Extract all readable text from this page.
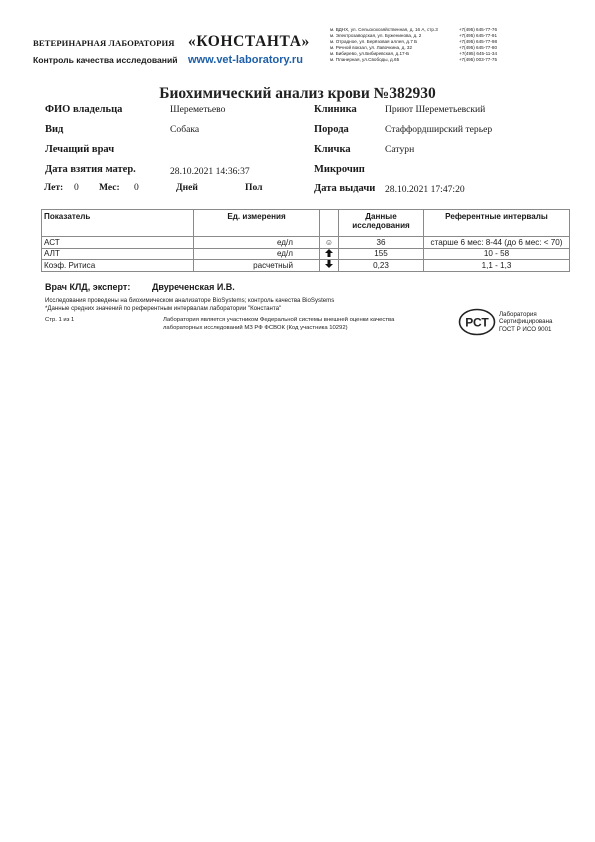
ВЕТЕРИНАРНАЯ ЛАБОРАТОРИЯ «КОНСТАНТА»
Контроль качества исследований www.vet-laboratory.ru
м. ВДНХ, ул. Сельскохозяйственная, д. 16 А, стр.3
м. Электрозаводская, ул. Буженинова, д. 2
м. Отрадное, ул. Берёзовая аллея, д.7 Б
м. Речной вокзал, ул. Лавочкина, д. 32
м. Бибирево, ул.Бибиревская, д.17-Б
м. Планерная, ул.Свободы, д.65
+7(495) 645-77-76
+7(495) 645-77-91
+7(495) 645-77-98
+7(495) 645-77-80
+7(495) 645-11-34
+7(495) 003-77-75
Биохимический анализ крови №382930
ФИО владельца	Шереметьево	Клиника	Приют Шереметьевский
Вид	Собака	Порода	Стаффордширский терьер
Лечащий врач	Кличка	Сатурн
Дата взятия матер.	28.10.2021 14:36:37	Микрочип
Лет: 0 Мес: 0	Дней	Пол	Дата выдачи 28.10.2021 17:47:20
Показатель	Ед. измерения		Данные исследования	Референтные интервалы
АСТ	ед/л	☺	36	старше 6 мес: 8-44 (до 6 мес: < 70)
АЛТ	ед/л		155	10 - 58
Коэф. Ритиса	расчетный		0,23	1,1 - 1,3
Врач КЛД, эксперт: Двуреченская И.В.
Исследования проведены на биохимическом анализаторе BioSystems; контроль качества BioSystems
*Данные средних значений по референтным интервалам лаборатории "Константа"
Стр. 1 из 1	Лаборатория является участником Федеральной системы внешней оценки качества
лабораторных исследований МЗ РФ ФСВОК (Код участника 10292)	РСТ
Лаборатория
Сертифицирована
ГОСТ Р ИСО 9001
